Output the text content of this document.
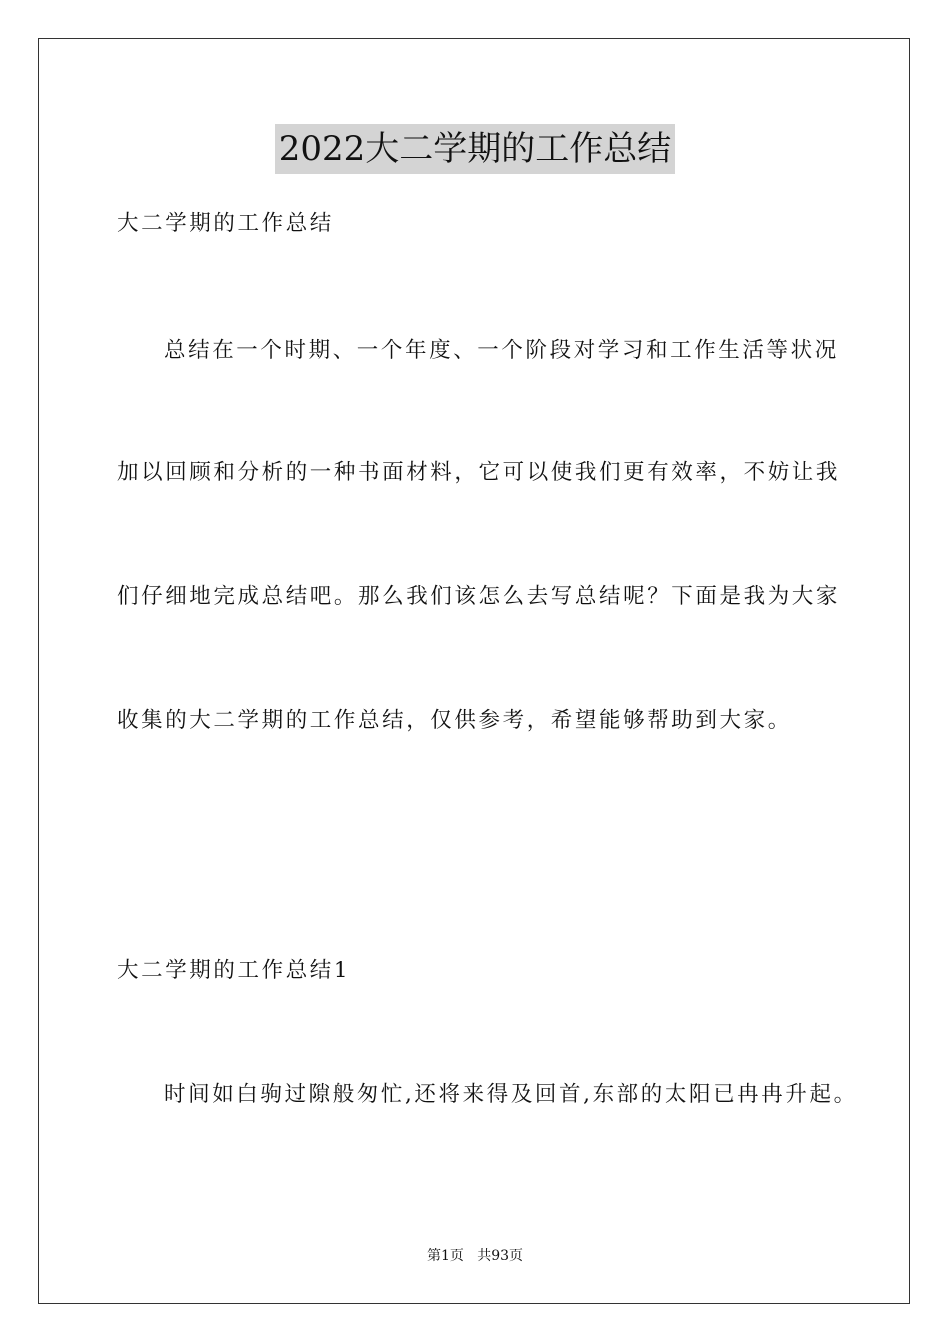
2022大二学期的工作总结
大二学期的工作总结
总结在一个时期、一个年度、一个阶段对学习和工作生活等状况
加以回顾和分析的一种书面材料，它可以使我们更有效率，不妨让我
们仔细地完成总结吧。那么我们该怎么去写总结呢？下面是我为大家
收集的大二学期的工作总结，仅供参考，希望能够帮助到大家。
大二学期的工作总结1
时间如白驹过隙般匆忙,还将来得及回首,东部的太阳已冉冉升起。
第1页   共93页
